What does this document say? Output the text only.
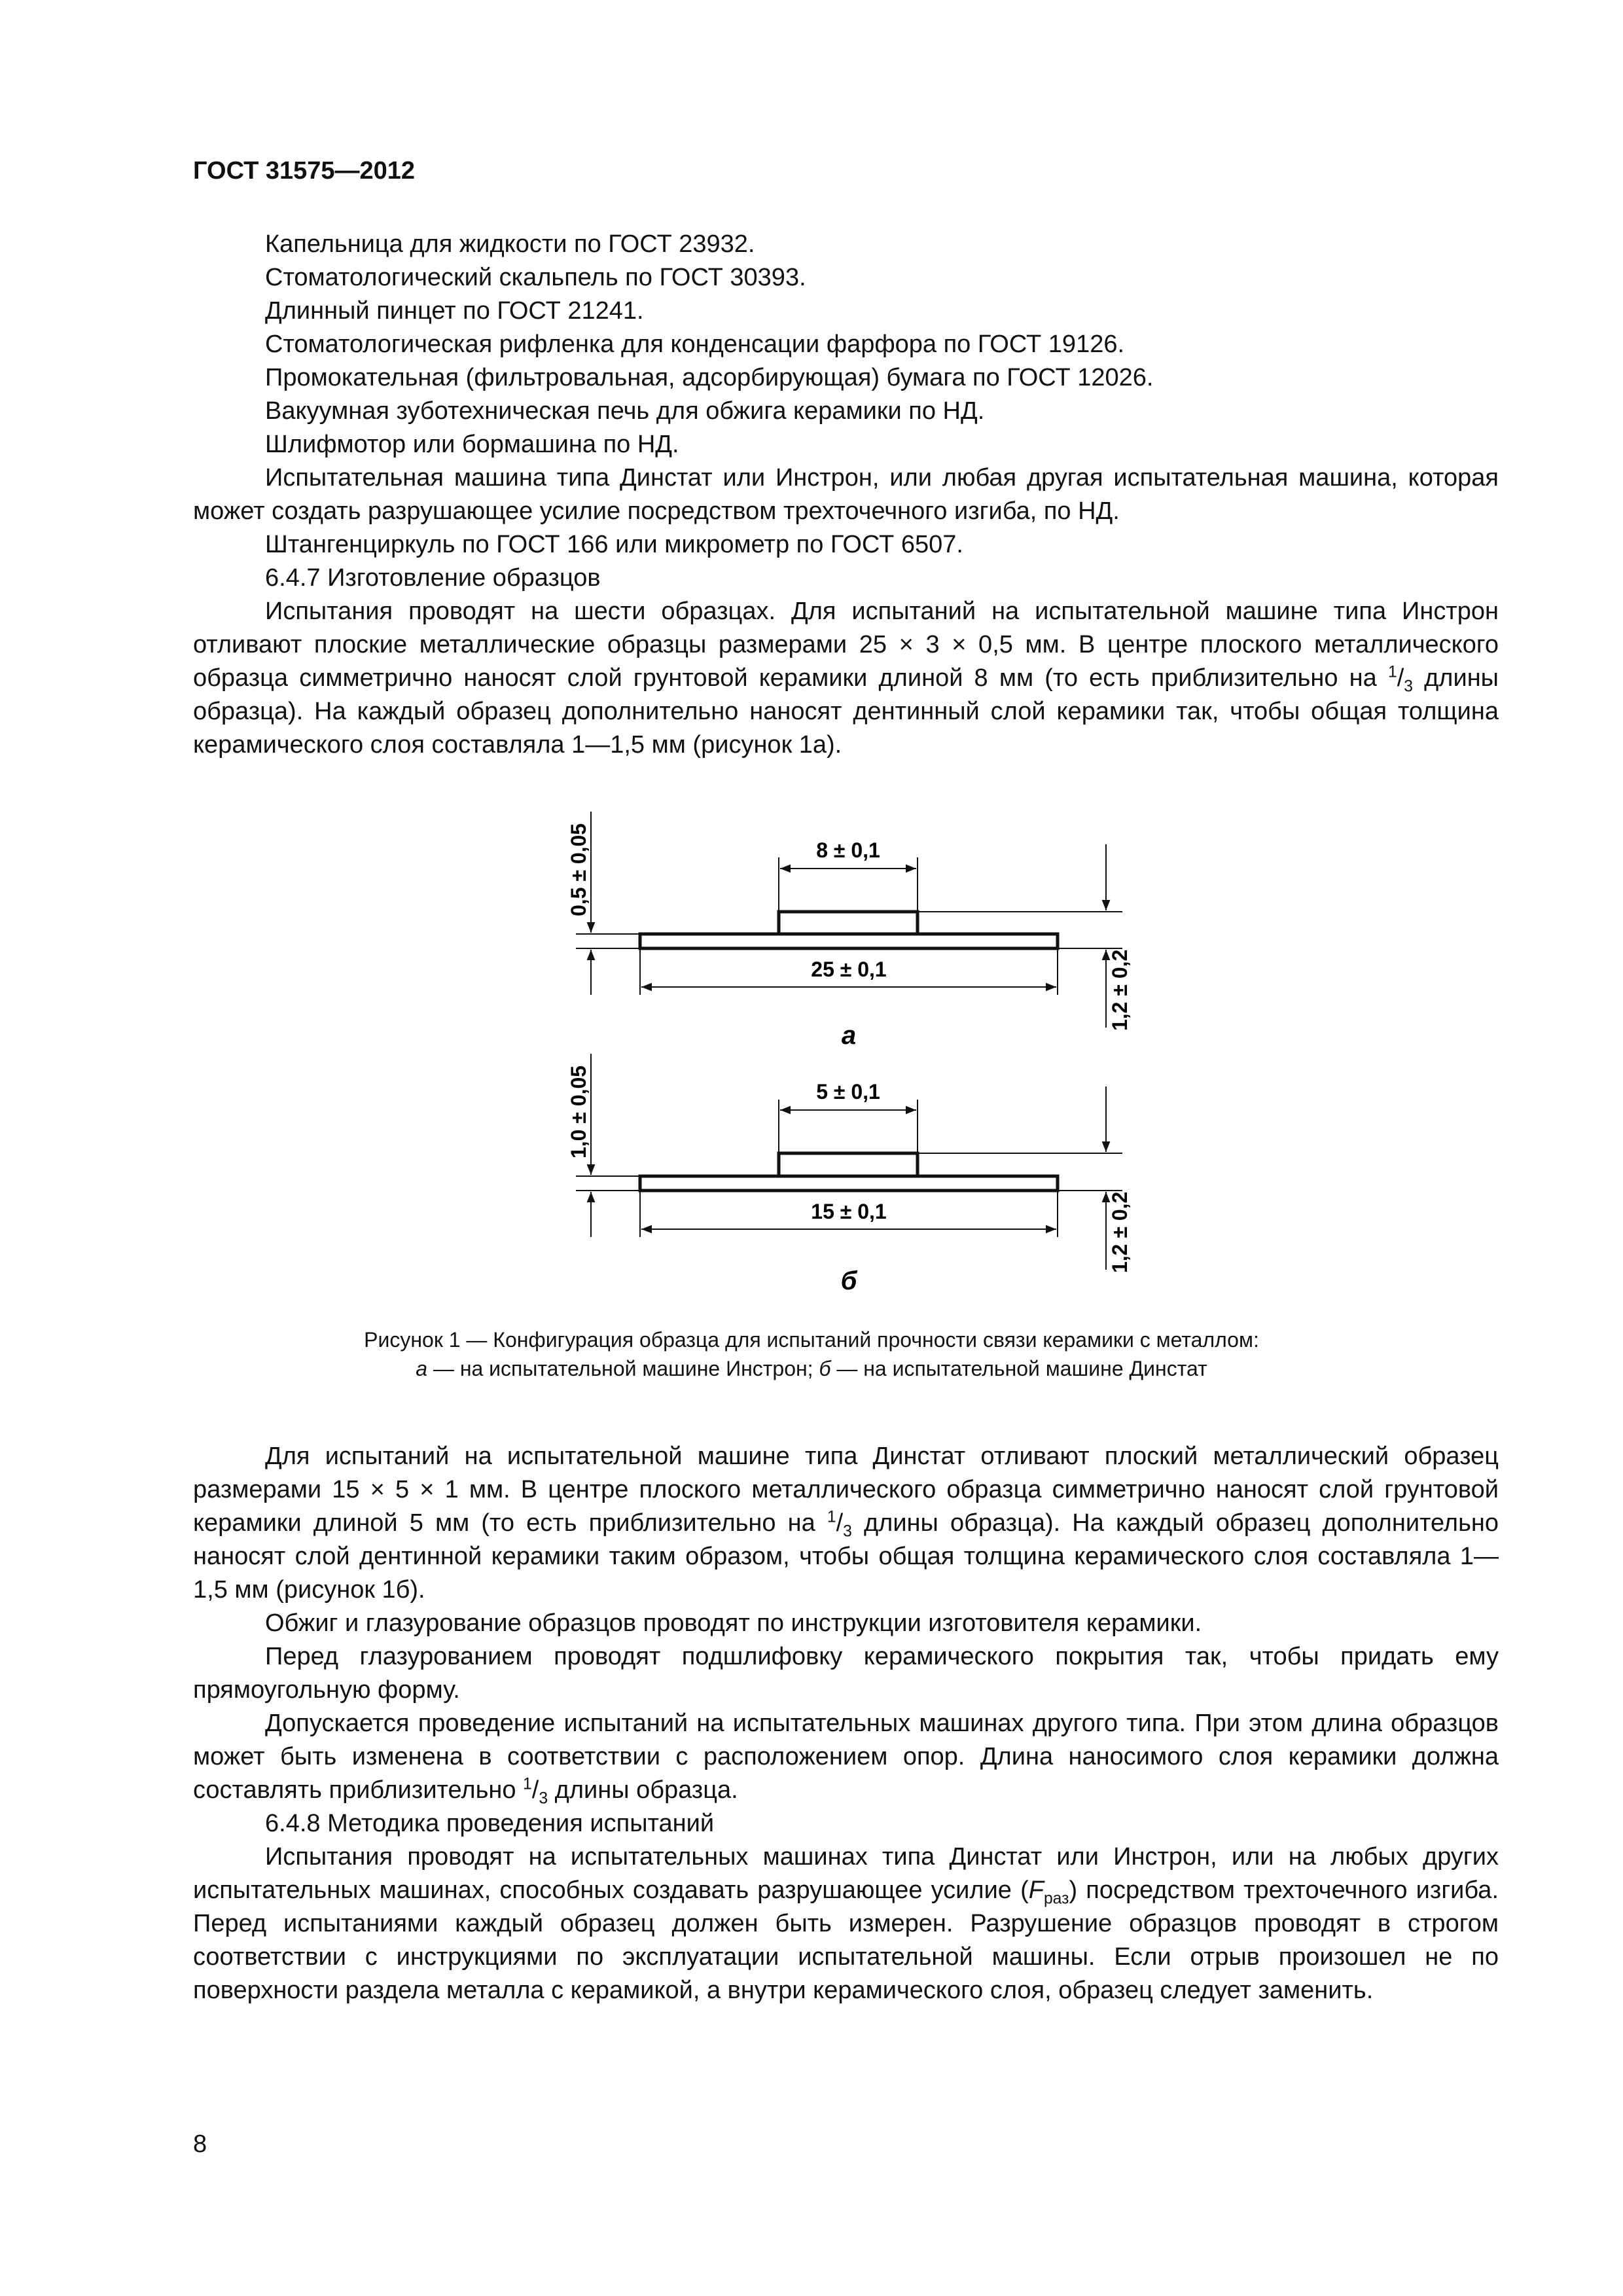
ГОСТ 31575—2012

Капельница для жидкости по ГОСТ 23932.

Стоматологический скальпель по ГОСТ 30393.

Длинный пинцет по ГОСТ 21241.

Стоматологическая рифленка для конденсации фарфора по ГОСТ 19126.

Промокательная (фильтровальная, адсорбирующая) бумага по ГОСТ 12026.

Вакуумная зуботехническая печь для обжига керамики по НД.

Шлифмотор или бормашина по НД.

Испытательная машина типа Динстат или Инстрон, или любая другая испытательная машина, которая может создать разрушающее усилие посредством трехточечного изгиба, по НД.

Штангенциркуль по ГОСТ 166 или микрометр по ГОСТ 6507.

6.4.7 Изготовление образцов

Испытания проводят на шести образцах. Для испытаний на испытательной машине типа Инстрон отливают плоские металлические образцы размерами 25 × 3 × 0,5 мм. В центре плоского металлического образца симметрично наносят слой грунтовой керамики длиной 8 мм (то есть приблизительно на $^1/_3$ длины образца). На каждый образец дополнительно наносят дентинный слой керамики так, чтобы общая толщина керамического слоя составляла 1—1,5 мм (рисунок 1а).

8 ± 0,1
25 ± 0,1
0,5 ± 0,05
1,2 ± 0,2
а
5 ± 0,1
15 ± 0,1
1,0 ± 0,05
1,2 ± 0,2
б
Рисунок 1 — Конфигурация образца для испытаний прочности связи керамики с металлом:
а — на испытательной машине Инстрон; б — на испытательной машине Динстат

Для испытаний на испытательной машине типа Динстат отливают плоский металлический образец размерами 15 × 5 × 1 мм. В центре плоского металлического образца симметрично наносят слой грунтовой керамики длиной 5 мм (то есть приблизительно на $^1/_3$ длины образца). На каждый образец дополнительно наносят слой дентинной керамики таким образом, чтобы общая толщина керамического слоя составляла 1—1,5 мм (рисунок 1б).

Обжиг и глазурование образцов проводят по инструкции изготовителя керамики.

Перед глазурованием проводят подшлифовку керамического покрытия так, чтобы придать ему прямоугольную форму.

Допускается проведение испытаний на испытательных машинах другого типа. При этом длина образцов может быть изменена в соответствии с расположением опор. Длина наносимого слоя керамики должна составлять приблизительно $^1/_3$ длины образца.

6.4.8 Методика проведения испытаний

Испытания проводят на испытательных машинах типа Динстат или Инстрон, или на любых других испытательных машинах, способных создавать разрушающее усилие $(F_{раз})$ посредством трехточечного изгиба. Перед испытаниями каждый образец должен быть измерен. Разрушение образцов проводят в строгом соответствии с инструкциями по эксплуатации испытательной машины. Если отрыв произошел не по поверхности раздела металла с керамикой, а внутри керамического слоя, образец следует заменить.

8
